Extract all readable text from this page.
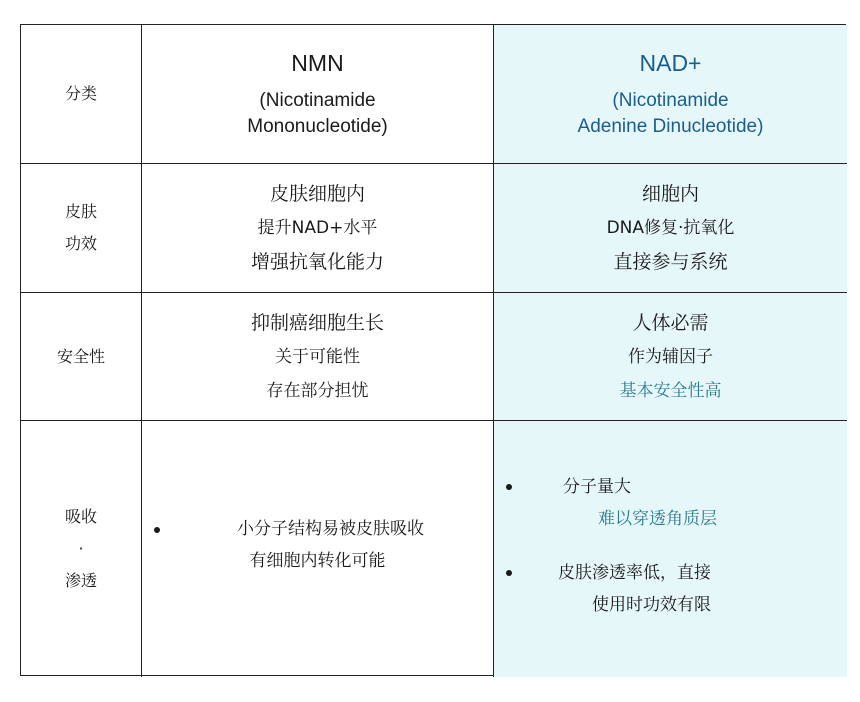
分类
NMN
(Nicotinamide
Mononucleotide)
NAD+
(Nicotinamide
Adenine Dinucleotide)
皮肤
功效
皮肤细胞内
提升NAD+水平
增强抗氧化能力
细胞内
DNA修复·抗氧化
直接参与系统
安全性
抑制癌细胞生长
关于可能性
存在部分担忧
人体必需
作为辅因子
基本安全性高
吸收
·
渗透
小分子结构易被皮肤吸收
有细胞内转化可能
分子量大
难以穿透角质层
皮肤渗透率低，直接
使用时功效有限
